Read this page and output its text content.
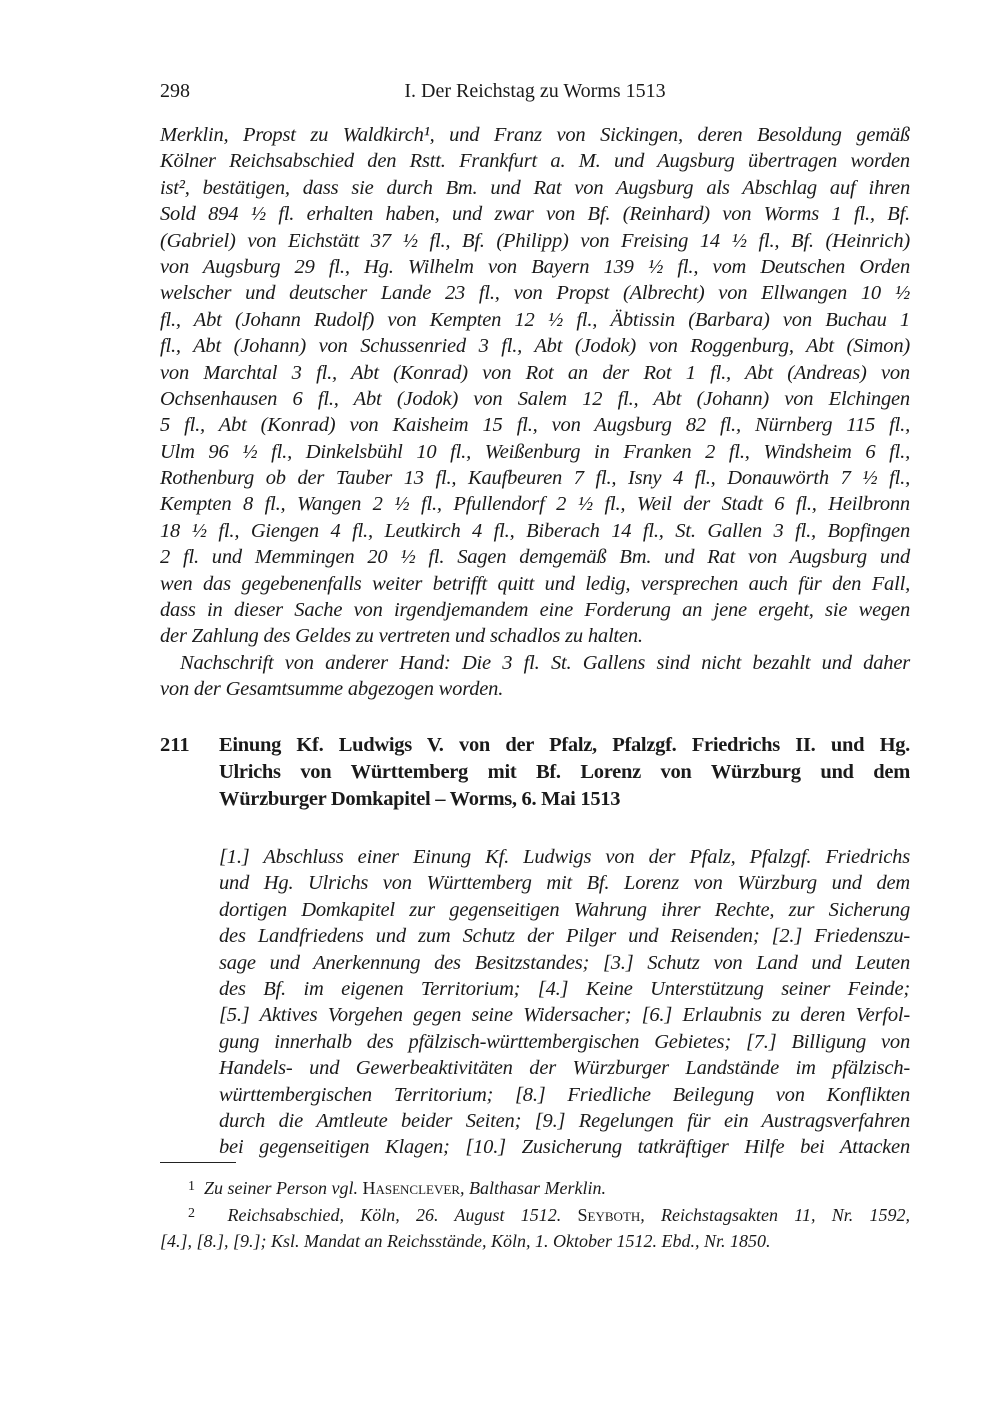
298	I. Der Reichstag zu Worms 1513
Merklin, Propst zu Waldkirch¹, und Franz von Sickingen, deren Besoldung gemäß
Kölner Reichsabschied den Rstt. Frankfurt a. M. und Augsburg übertragen worden
ist², bestätigen, dass sie durch Bm. und Rat von Augsburg als Abschlag auf ihren
Sold 894 ½ fl. erhalten haben, und zwar von Bf. (Reinhard) von Worms 1 fl., Bf.
(Gabriel) von Eichstätt 37 ½ fl., Bf. (Philipp) von Freising 14 ½ fl., Bf. (Heinrich)
von Augsburg 29 fl., Hg. Wilhelm von Bayern 139 ½ fl., vom Deutschen Orden
welscher und deutscher Lande 23 fl., von Propst (Albrecht) von Ellwangen 10 ½
fl., Abt (Johann Rudolf) von Kempten 12 ½ fl., Äbtissin (Barbara) von Buchau 1
fl., Abt (Johann) von Schussenried 3 fl., Abt (Jodok) von Roggenburg, Abt (Simon)
von Marchtal 3 fl., Abt (Konrad) von Rot an der Rot 1 fl., Abt (Andreas) von
Ochsenhausen 6 fl., Abt (Jodok) von Salem 12 fl., Abt (Johann) von Elchingen
5 fl., Abt (Konrad) von Kaisheim 15 fl., von Augsburg 82 fl., Nürnberg 115 fl.,
Ulm 96 ½ fl., Dinkelsbühl 10 fl., Weißenburg in Franken 2 fl., Windsheim 6 fl.,
Rothenburg ob der Tauber 13 fl., Kaufbeuren 7 fl., Isny 4 fl., Donauwörth 7 ½ fl.,
Kempten 8 fl., Wangen 2 ½ fl., Pfullendorf 2 ½ fl., Weil der Stadt 6 fl., Heilbronn
18 ½ fl., Giengen 4 fl., Leutkirch 4 fl., Biberach 14 fl., St. Gallen 3 fl., Bopfingen
2 fl. und Memmingen 20 ½ fl. Sagen demgemäß Bm. und Rat von Augsburg und
wen das gegebenenfalls weiter betrifft quitt und ledig, versprechen auch für den Fall,
dass in dieser Sache von irgendjemandem eine Forderung an jene ergeht, sie wegen
der Zahlung des Geldes zu vertreten und schadlos zu halten.
Nachschrift von anderer Hand: Die 3 fl. St. Gallens sind nicht bezahlt und daher
von der Gesamtsumme abgezogen worden.
211 Einung Kf. Ludwigs V. von der Pfalz, Pfalzgf. Friedrichs II. und Hg.
Ulrichs von Württemberg mit Bf. Lorenz von Würzburg und dem
Würzburger Domkapitel – Worms, 6. Mai 1513
[1.] Abschluss einer Einung Kf. Ludwigs von der Pfalz, Pfalzgf. Friedrichs
und Hg. Ulrichs von Württemberg mit Bf. Lorenz von Würzburg und dem
dortigen Domkapitel zur gegenseitigen Wahrung ihrer Rechte, zur Sicherung
des Landfriedens und zum Schutz der Pilger und Reisenden; [2.] Friedenszu-
sage und Anerkennung des Besitzstandes; [3.] Schutz von Land und Leuten
des Bf. im eigenen Territorium; [4.] Keine Unterstützung seiner Feinde;
[5.] Aktives Vorgehen gegen seine Widersacher; [6.] Erlaubnis zu deren Verfol-
gung innerhalb des pfälzisch-württembergischen Gebietes; [7.] Billigung von
Handels- und Gewerbeaktivitäten der Würzburger Landstände im pfälzisch-
württembergischen Territorium; [8.] Friedliche Beilegung von Konflikten
durch die Amtleute beider Seiten; [9.] Regelungen für ein Austragsverfahren
bei gegenseitigen Klagen; [10.] Zusicherung tatkräftiger Hilfe bei Attacken
$^1$ Zu seiner Person vgl. Hasenclever, Balthasar Merklin.
$^2$ Reichsabschied, Köln, 26. August 1512. Seyboth, Reichstagsakten 11, Nr. 1592,
[4.], [8.], [9.]; Ksl. Mandat an Reichsstände, Köln, 1. Oktober 1512. Ebd., Nr. 1850.
